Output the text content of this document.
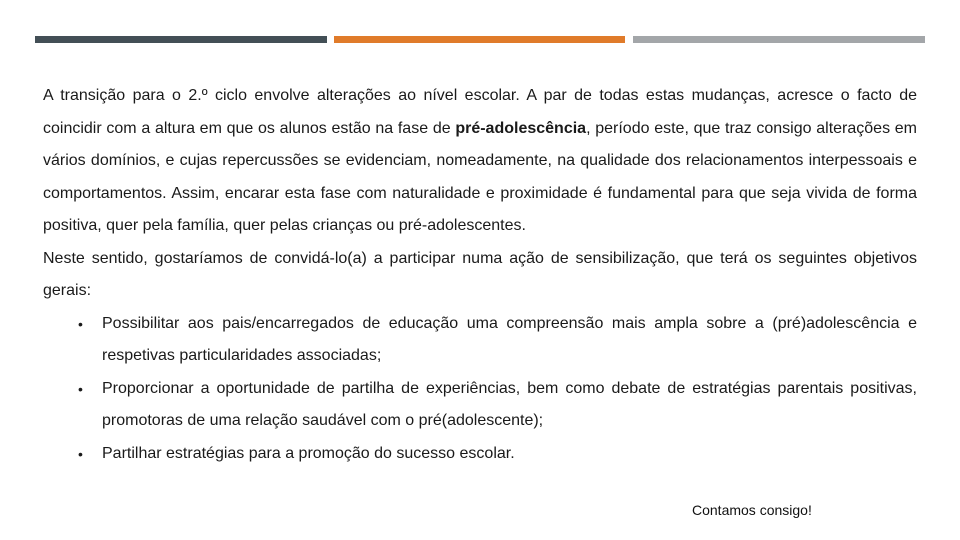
A transição para o 2.º ciclo envolve alterações ao nível escolar. A par de todas estas mudanças, acresce o facto de coincidir com a altura em que os alunos estão na fase de pré-adolescência, período este, que traz consigo alterações em vários domínios, e cujas repercussões se evidenciam, nomeadamente, na qualidade dos relacionamentos interpessoais e comportamentos. Assim, encarar esta fase com naturalidade e proximidade é fundamental para que seja vivida de forma positiva, quer pela família, quer pelas crianças ou pré-adolescentes.

Neste sentido, gostaríamos de convidá-lo(a) a participar numa ação de sensibilização, que terá os seguintes objetivos gerais:

• Possibilitar aos pais/encarregados de educação uma compreensão mais ampla sobre a (pré)adolescência e respetivas particularidades associadas;
• Proporcionar a oportunidade de partilha de experiências, bem como debate de estratégias parentais positivas, promotoras de uma relação saudável com o pré(adolescente);
• Partilhar estratégias para a promoção do sucesso escolar.
Contamos consigo!
